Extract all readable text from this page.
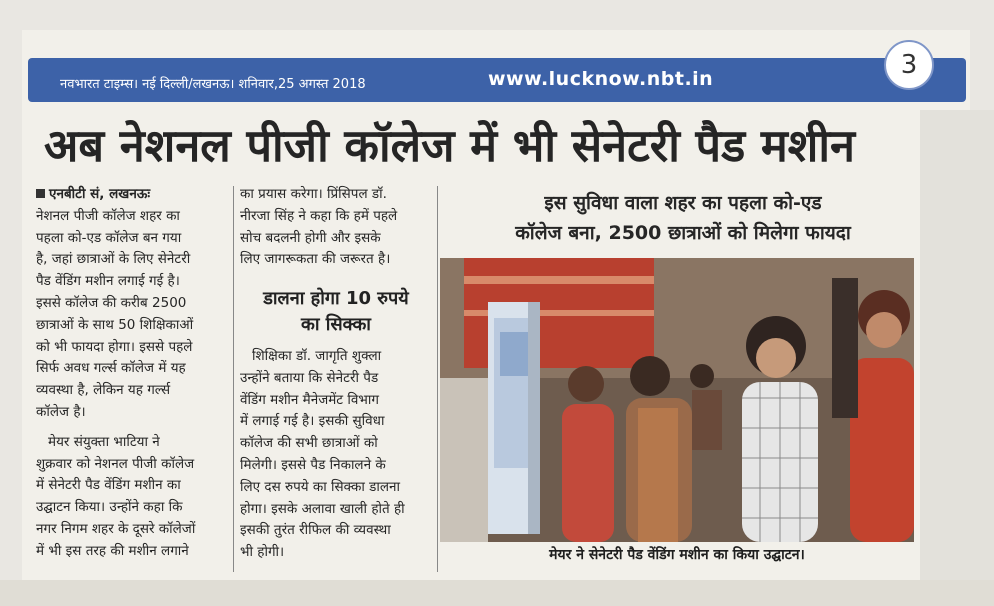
नवभारत टाइम्स। नई दिल्ली/लखनऊ। शनिवार,25 अगस्त 2018	www.lucknow.nbt.in	3
अब नेशनल पीजी कॉलेज में भी सेनेटरी पैड मशीन

एनबीटी सं, लखनऊः

नेशनल पीजी कॉलेज शहर का

पहला को-एड कॉलेज बन गया

है, जहां छात्राओं के लिए सेनेटरी

पैड वेंडिंग मशीन लगाई गई है।

इससे कॉलेज की करीब 2500

छात्राओं के साथ 50 शिक्षिकाओं

को भी फायदा होगा। इससे पहले

सिर्फ अवध गर्ल्स कॉलेज में यह

व्यवस्था है, लेकिन यह गर्ल्स

कॉलेज है।

मेयर संयुक्ता भाटिया ने

शुक्रवार को नेशनल पीजी कॉलेज

में सेनेटरी पैड वेंडिंग मशीन का

उद्घाटन किया। उन्होंने कहा कि

नगर निगम शहर के दूसरे कॉलेजों

में भी इस तरह की मशीन लगाने

का प्रयास करेगा। प्रिंसिपल डॉ.

नीरजा सिंह ने कहा कि हमें पहले

सोच बदलनी होगी और इसके

लिए जागरूकता की जरूरत है।

डालना होगा 10 रुपये
का सिक्का

शिक्षिका डॉ. जागृति शुक्ला

उन्होंने बताया कि सेनेटरी पैड

वेंडिंग मशीन मैनेजमेंट विभाग

में लगाई गई है। इसकी सुविधा

कॉलेज की सभी छात्राओं को

मिलेगी। इससे पैड निकालने के

लिए दस रुपये का सिक्का डालना

होगा। इसके अलावा खाली होते ही

इसकी तुरंत रीफिल की व्यवस्था

भी होगी।

इस सुविधा वाला शहर का पहला को-एड
कॉलेज बना, 2500 छात्राओं को मिलेगा फायदा
मेयर ने सेनेटरी पैड वेंडिंग मशीन का किया उद्घाटन।
